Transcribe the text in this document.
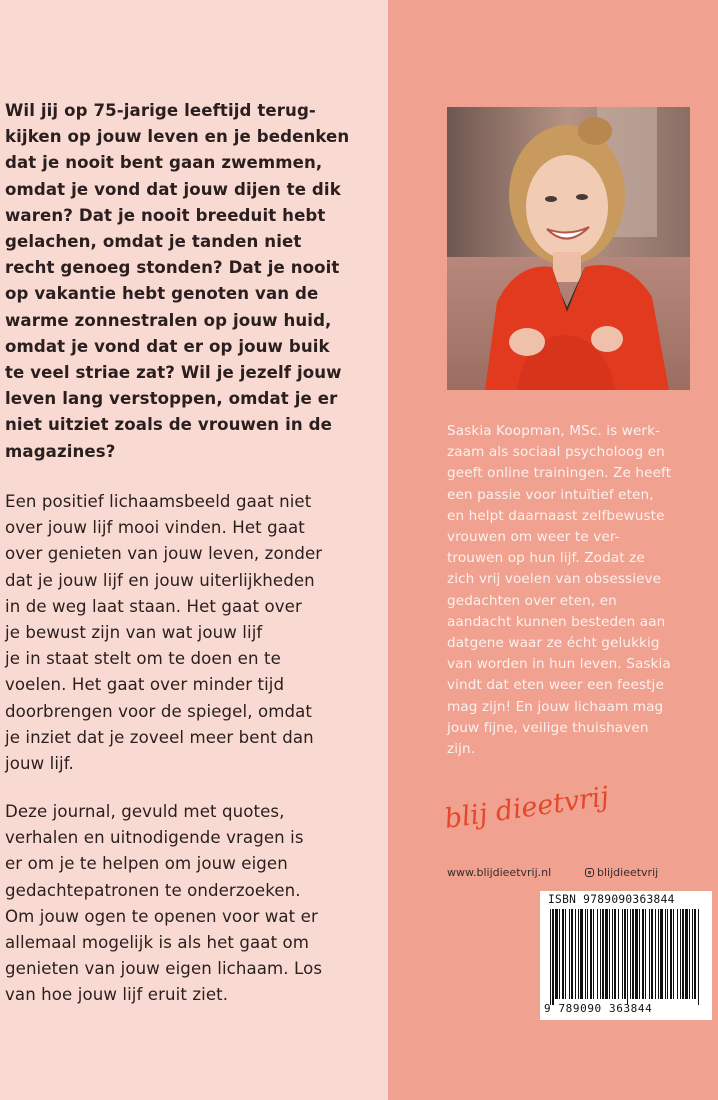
Wil jij op 75-jarige leeftijd terug-

kijken op jouw leven en je bedenken

dat je nooit bent gaan zwemmen,

omdat je vond dat jouw dijen te dik

waren? Dat je nooit breeduit hebt

gelachen, omdat je tanden niet

recht genoeg stonden? Dat je nooit

op vakantie hebt genoten van de

warme zonnestralen op jouw huid,

omdat je vond dat er op jouw buik

te veel striae zat? Wil je jezelf jouw

leven lang verstoppen, omdat je er

niet uitziet zoals de vrouwen in de

magazines?

Een positief lichaamsbeeld gaat niet

over jouw lijf mooi vinden. Het gaat

over genieten van jouw leven, zonder

dat je jouw lijf en jouw uiterlijkheden

in de weg laat staan. Het gaat over

je bewust zijn van wat jouw lijf

je in staat stelt om te doen en te

voelen. Het gaat over minder tijd

doorbrengen voor de spiegel, omdat

je inziet dat je zoveel meer bent dan

jouw lijf.

Deze journal, gevuld met quotes,

verhalen en uitnodigende vragen is

er om je te helpen om jouw eigen

gedachtepatronen te onderzoeken.

Om jouw ogen te openen voor wat er

allemaal mogelijk is als het gaat om

genieten van jouw eigen lichaam. Los

van hoe jouw lijf eruit ziet.

Saskia Koopman, MSc. is werk-

zaam als sociaal psycholoog en

geeft online trainingen. Ze heeft

een passie voor intuïtief eten,

en helpt daarnaast zelfbewuste

vrouwen om weer te ver-

trouwen op hun lijf. Zodat ze

zich vrij voelen van obsessieve

gedachten over eten, en

aandacht kunnen besteden aan

datgene waar ze écht gelukkig

van worden in hun leven. Saskia

vindt dat eten weer een feestje

mag zijn! En jouw lichaam mag

jouw fijne, veilige thuishaven

zijn.

blij dieetvrij
www.blijdieetvrij.nl	blijdieetvrij
ISBN 9789090363844
9 789090 363844
